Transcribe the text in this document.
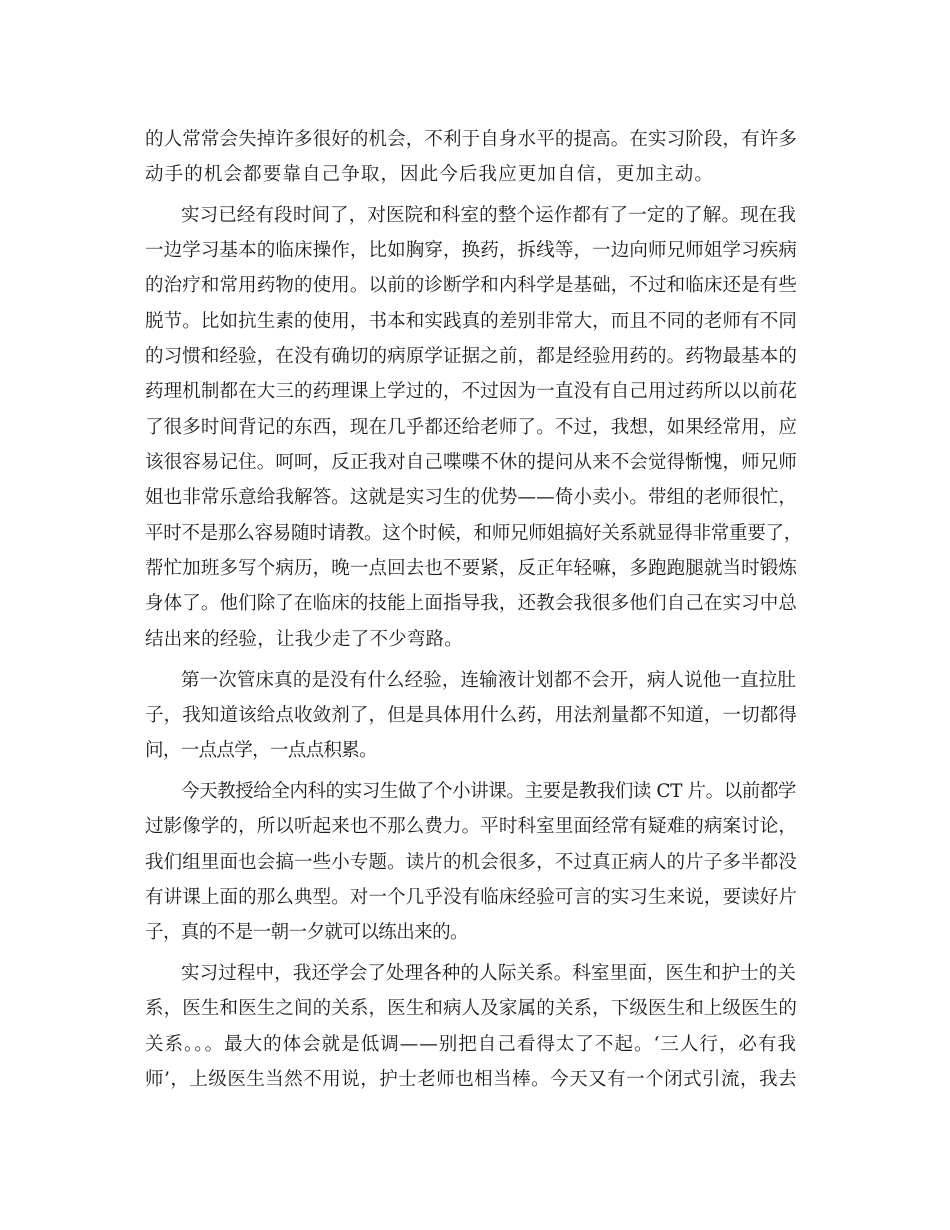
的人常常会失掉许多很好的机会，不利于自身水平的提高。在实习阶段，有许多

动手的机会都要靠自己争取，因此今后我应更加自信，更加主动。

实习已经有段时间了，对医院和科室的整个运作都有了一定的了解。现在我

一边学习基本的临床操作，比如胸穿，换药，拆线等，一边向师兄师姐学习疾病

的治疗和常用药物的使用。以前的诊断学和内科学是基础，不过和临床还是有些

脱节。比如抗生素的使用，书本和实践真的差别非常大，而且不同的老师有不同

的习惯和经验，在没有确切的病原学证据之前，都是经验用药的。药物最基本的

药理机制都在大三的药理课上学过的，不过因为一直没有自己用过药所以以前花

了很多时间背记的东西，现在几乎都还给老师了。不过，我想，如果经常用，应

该很容易记住。呵呵，反正我对自己喋喋不休的提问从来不会觉得惭愧，师兄师

姐也非常乐意给我解答。这就是实习生的优势——倚小卖小。带组的老师很忙，

平时不是那么容易随时请教。这个时候，和师兄师姐搞好关系就显得非常重要了，

帮忙加班多写个病历，晚一点回去也不要紧，反正年轻嘛，多跑跑腿就当时锻炼

身体了。他们除了在临床的技能上面指导我，还教会我很多他们自己在实习中总

结出来的经验，让我少走了不少弯路。

第一次管床真的是没有什么经验，连输液计划都不会开，病人说他一直拉肚

子，我知道该给点收敛剂了，但是具体用什么药，用法剂量都不知道，一切都得

问，一点点学，一点点积累。

今天教授给全内科的实习生做了个小讲课。主要是教我们读 CT 片。以前都学

过影像学的，所以听起来也不那么费力。平时科室里面经常有疑难的病案讨论，

我们组里面也会搞一些小专题。读片的机会很多，不过真正病人的片子多半都没

有讲课上面的那么典型。对一个几乎没有临床经验可言的实习生来说，要读好片

子，真的不是一朝一夕就可以练出来的。

实习过程中，我还学会了处理各种的人际关系。科室里面，医生和护士的关

系，医生和医生之间的关系，医生和病人及家属的关系，下级医生和上级医生的

关系。。。最大的体会就是低调——别把自己看得太了不起。‘三人行，必有我

师’，上级医生当然不用说，护士老师也相当棒。今天又有一个闭式引流，我去
